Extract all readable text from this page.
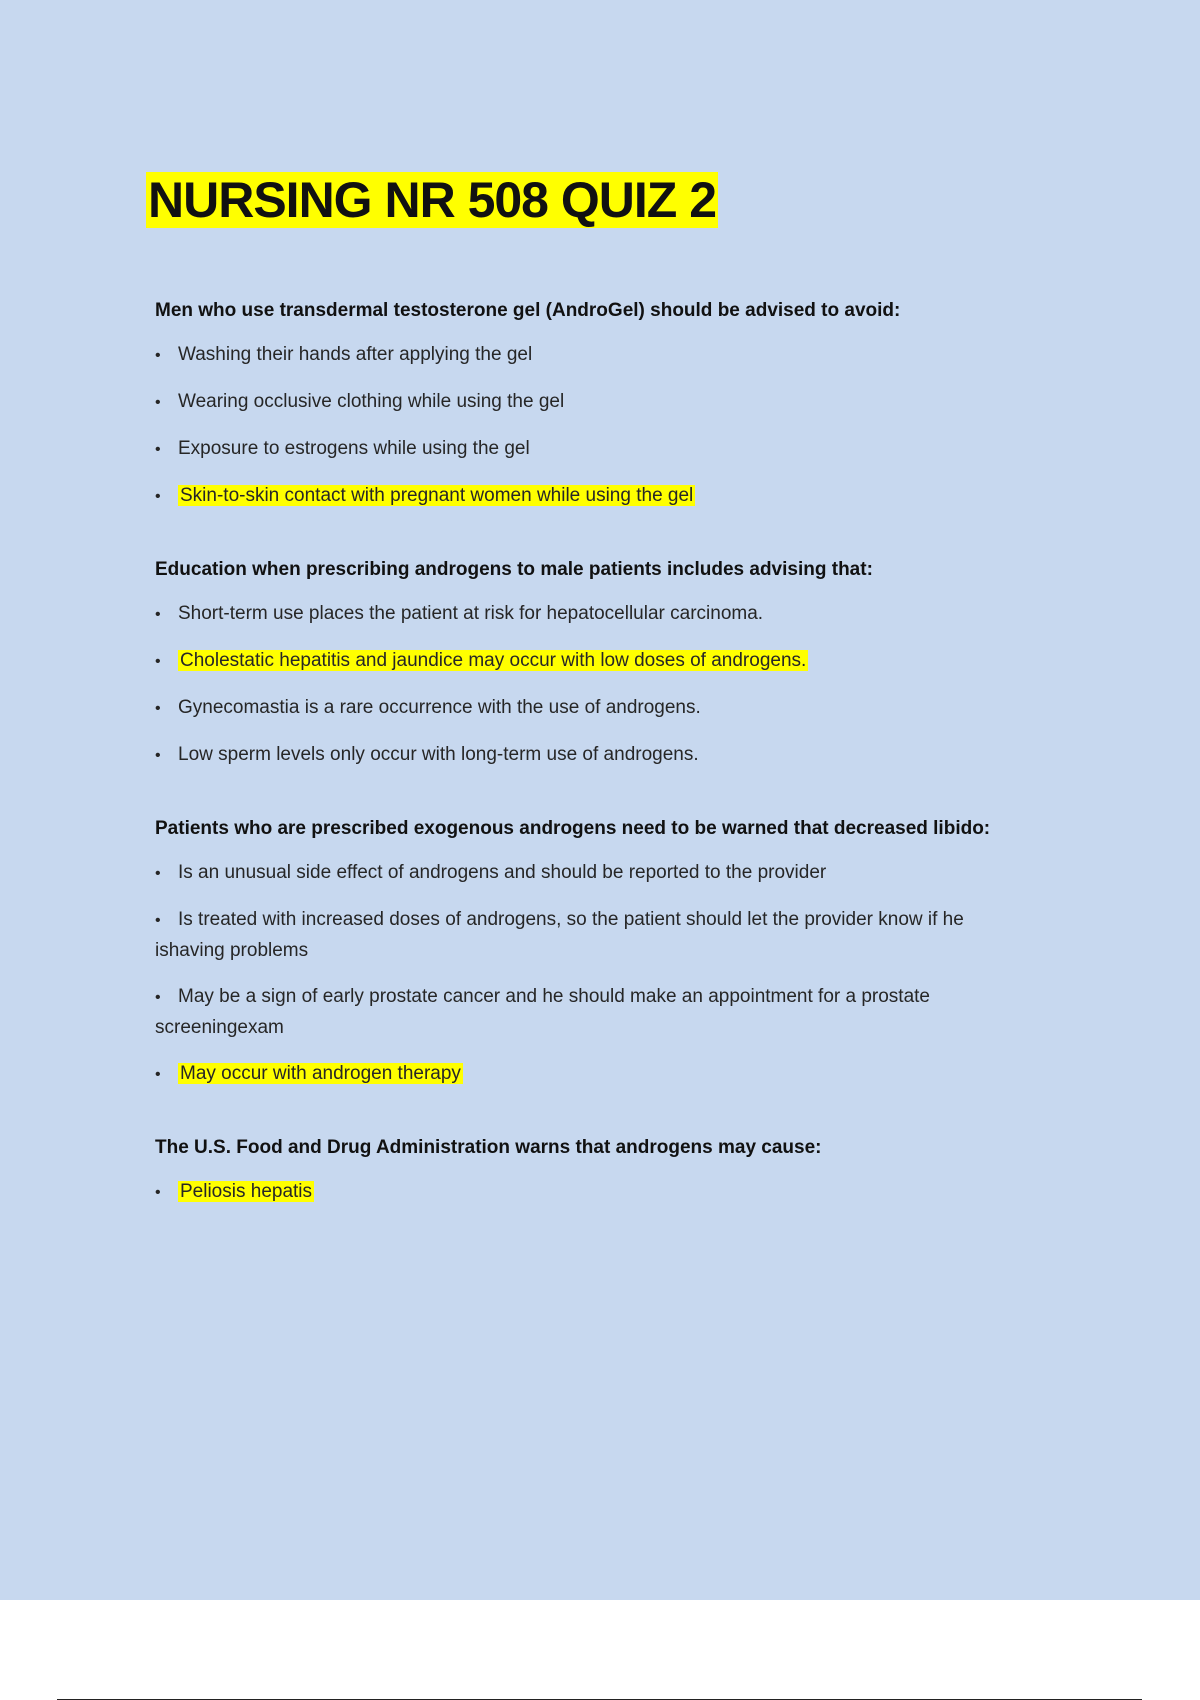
NURSING NR 508 QUIZ 2

Men who use transdermal testosterone gel (AndroGel) should be advised to avoid:

• Washing their hands after applying the gel
• Wearing occlusive clothing while using the gel
• Exposure to estrogens while using the gel
• Skin-to-skin contact with pregnant women while using the gel

Education when prescribing androgens to male patients includes advising that:

• Short-term use places the patient at risk for hepatocellular carcinoma.
• Cholestatic hepatitis and jaundice may occur with low doses of androgens.
• Gynecomastia is a rare occurrence with the use of androgens.
• Low sperm levels only occur with long-term use of androgens.

Patients who are prescribed exogenous androgens need to be warned that decreased libido:

• Is an unusual side effect of androgens and should be reported to the provider
• Is treated with increased doses of androgens, so the patient should let the provider know if he ishaving problems
• May be a sign of early prostate cancer and he should make an appointment for a prostate screeningexam
• May occur with androgen therapy

The U.S. Food and Drug Administration warns that androgens may cause:

• Peliosis hepatis
